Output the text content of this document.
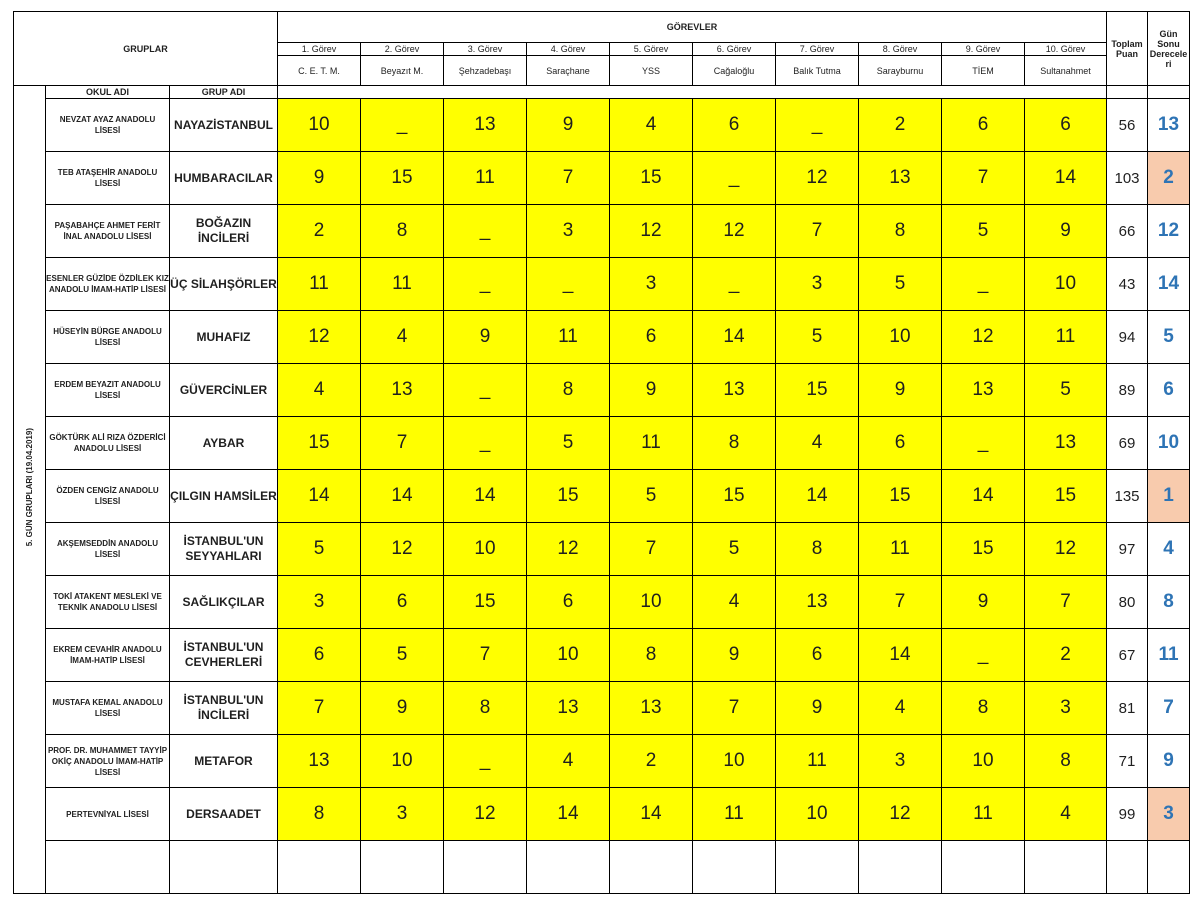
GRUPLAR			GÖREVLER										Toplam Puan	Gün Sonu Derecele ri
			1. Görev	2. Görev	3. Görev	4. Görev	5. Görev	6. Görev	7. Görev	8. Görev	9. Görev	10. Görev		
			C. E. T. M.	Beyazıt M.	Şehzadebaşı	Saraçhane	YSS	Cağaloğlu	Balık Tutma	Sarayburnu	TİEM	Sultanahmet		
5. GÜN GRUPLARI (19.04.2019)	OKUL ADI	GRUP ADI												
	NEVZAT AYAZ ANADOLU LİSESİ	NAYAZİSTANBUL	10	_	13	9	4	6	_	2	6	6	56	13
	TEB ATAŞEHİR ANADOLU LİSESİ	HUMBARACILAR	9	15	11	7	15	_	12	13	7	14	103	2
	PAŞABAHÇE AHMET FERİT İNAL ANADOLU LİSESİ	BOĞAZIN İNCİLERİ	2	8	_	3	12	12	7	8	5	9	66	12
	ESENLER GÜZİDE ÖZDİLEK KIZ ANADOLU İMAM-HATİP LİSESİ	ÜÇ SİLAHŞÖRLER	11	11	_	_	3	_	3	5	_	10	43	14
	HÜSEYİN BÜRGE ANADOLU LİSESİ	MUHAFIZ	12	4	9	11	6	14	5	10	12	11	94	5
	ERDEM BEYAZIT ANADOLU LİSESİ	GÜVERCİNLER	4	13	_	8	9	13	15	9	13	5	89	6
	GÖKTÜRK ALİ RIZA ÖZDERİCİ ANADOLU LİSESİ	AYBAR	15	7	_	5	11	8	4	6	_	13	69	10
	ÖZDEN CENGİZ ANADOLU LİSESİ	ÇILGIN HAMSİLER	14	14	14	15	5	15	14	15	14	15	135	1
	AKŞEMSEDDİN ANADOLU LİSESİ	İSTANBUL'UN SEYYAHLARI	5	12	10	12	7	5	8	11	15	12	97	4
	TOKİ ATAKENT MESLEKİ VE TEKNİK ANADOLU LİSESİ	SAĞLIKÇILAR	3	6	15	6	10	4	13	7	9	7	80	8
	EKREM CEVAHİR ANADOLU İMAM-HATİP LİSESİ	İSTANBUL'UN CEVHERLERİ	6	5	7	10	8	9	6	14	_	2	67	11
	MUSTAFA KEMAL ANADOLU LİSESİ	İSTANBUL'UN İNCİLERİ	7	9	8	13	13	7	9	4	8	3	81	7
	PROF. DR. MUHAMMET TAYYİP OKİÇ ANADOLU İMAM-HATİP LİSESİ	METAFOR	13	10	_	4	2	10	11	3	10	8	71	9
	PERTEVNİYAL LİSESİ	DERSAADET	8	3	12	14	14	11	10	12	11	4	99	3
